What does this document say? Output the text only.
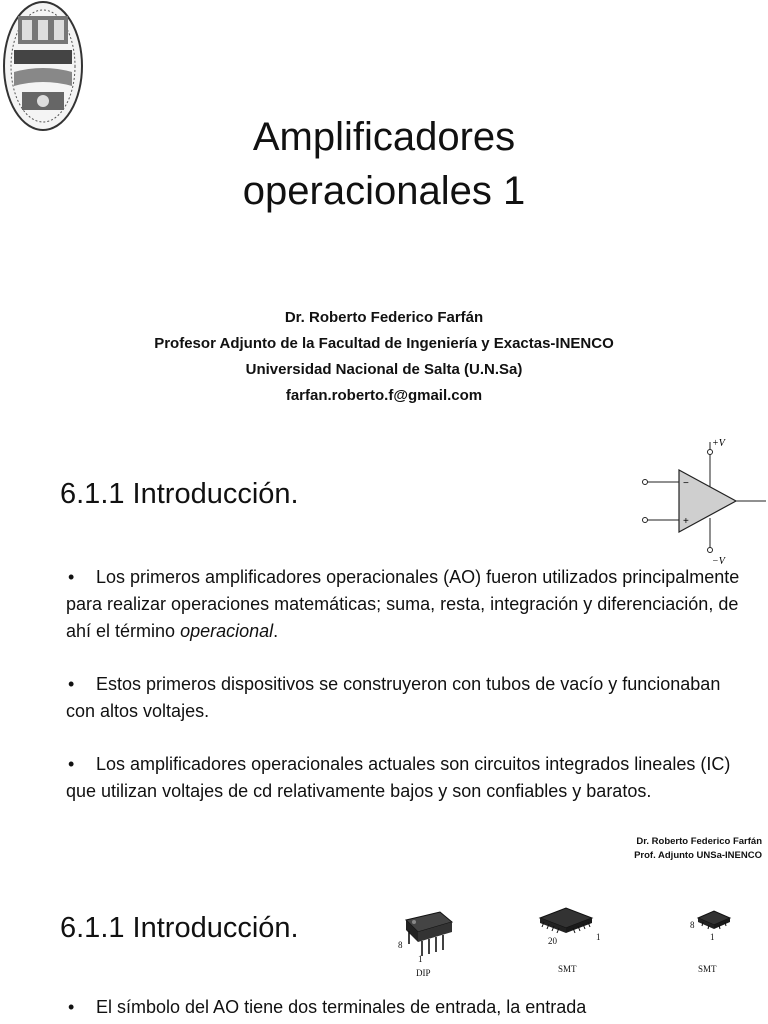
Amplificadores
operacionales 1
Dr. Roberto Federico Farfán
Profesor Adjunto de la Facultad de Ingeniería y Exactas-INENCO
Universidad Nacional de Salta (U.N.Sa)
farfan.roberto.f@gmail.com
6.1.1 Introducción.
+V
−V
−
+
• Los primeros amplificadores operacionales (AO) fueron utilizados principalmente para realizar operaciones matemáticas; suma, resta, integración y diferenciación, de ahí el término operacional.
• Estos primeros dispositivos se construyeron con tubos de vacío y funcionaban con altos voltajes.
• Los amplificadores operacionales actuales son circuitos integrados lineales (IC) que utilizan voltajes de cd relativamente bajos y son confiables y baratos.
Dr. Roberto Federico Farfán
Prof. Adjunto UNSa-INENCO
6.1.1 Introducción.
8
1
DIP
20	1
SMT
8
1
SMT
• El símbolo del AO tiene dos terminales de entrada, la entrada
